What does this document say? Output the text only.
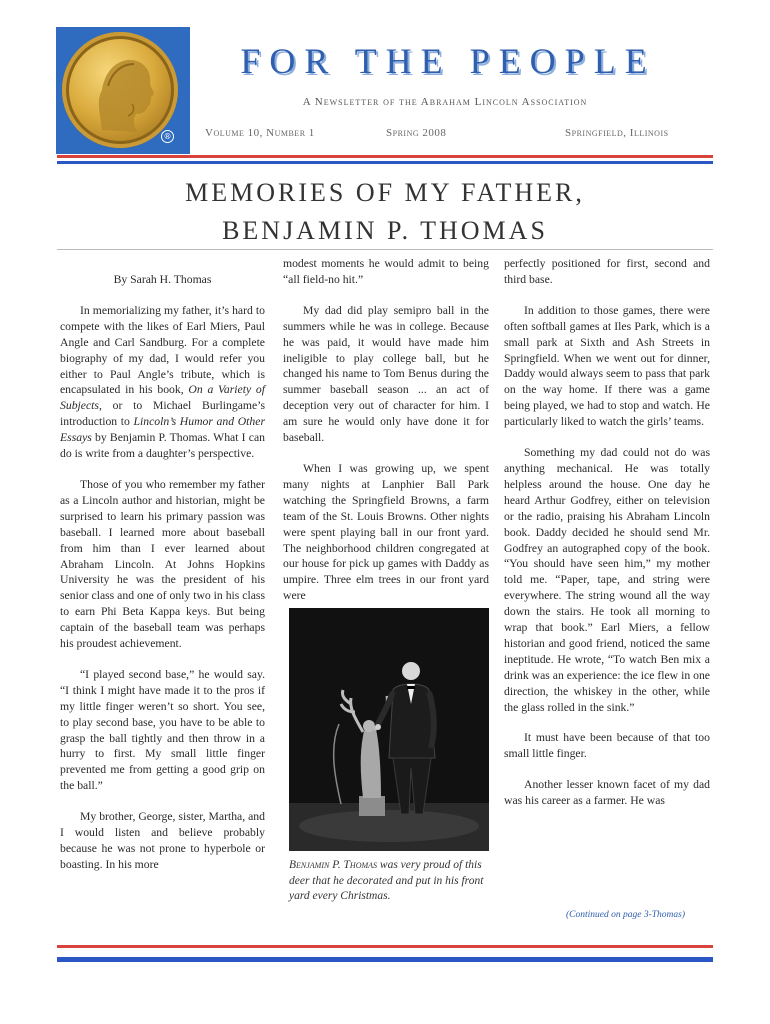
®
FOR THE PEOPLE
A Newsletter of the Abraham Lincoln Association
Volume 10, Number 1	Spring 2008	Springfield, Illinois
MEMORIES OF MY FATHER,
BENJAMIN P. THOMAS
By Sarah H. Thomas

In memorializing my father, it’s hard to compete with the likes of Earl Miers, Paul Angle and Carl Sandburg. For a complete biography of my dad, I would refer you either to Paul Angle’s tribute, which is encapsulated in his book, On a Variety of Subjects, or to Michael Burlingame’s introduction to Lincoln’s Humor and Other Essays by Benjamin P. Thomas. What I can do is write from a daughter’s perspective.

Those of you who remember my father as a Lincoln author and historian, might be surprised to learn his primary passion was baseball. I learned more about baseball from him than I ever learned about Abraham Lincoln. At Johns Hopkins University he was the president of his senior class and one of only two in his class to earn Phi Beta Kappa keys. But being captain of the baseball team was perhaps his proudest achievement.

“I played second base,” he would say. “I think I might have made it to the pros if my little finger weren’t so short. You see, to play second base, you have to be able to grasp the ball tightly and then throw in a hurry to first. My small little finger prevented me from getting a good grip on the ball.”

My brother, George, sister, Martha, and I would listen and believe probably because he was not prone to hyperbole or boasting. In his more

modest moments he would admit to being “all field-no hit.”

My dad did play semipro ball in the summers while he was in college. Because he was paid, it would have made him ineligible to play college ball, but he changed his name to Tom Benus during the summer baseball season ... an act of deception very out of character for him. I am sure he would only have done it for baseball.

When I was growing up, we spent many nights at Lanphier Ball Park watching the Springfield Browns, a farm team of the St. Louis Browns. Other nights were spent playing ball in our front yard. The neighborhood children congregated at our house for pick up games with Daddy as umpire. Three elm trees in our front yard were

Benjamin P. Thomas was very proud of this deer that he decorated and put in his front yard every Christmas.

perfectly positioned for first, second and third base.

In addition to those games, there were often softball games at Iles Park, which is a small park at Sixth and Ash Streets in Springfield. When we went out for dinner, Daddy would always seem to pass that park on the way home. If there was a game being played, we had to stop and watch. He particularly liked to watch the girls’ teams.

Something my dad could not do was anything mechanical. He was totally helpless around the house. One day he heard Arthur Godfrey, either on television or the radio, praising his Abraham Lincoln book. Daddy decided he should send Mr. Godfrey an autographed copy of the book. “You should have seen him,” my mother told me. “Paper, tape, and string were everywhere. The string wound all the way down the stairs. He took all morning to wrap that book.” Earl Miers, a fellow historian and good friend, noticed the same ineptitude. He wrote, “To watch Ben mix a drink was an experience: the ice flew in one direction, the whiskey in the other, while the glass rolled in the sink.”

It must have been because of that too small little finger.

Another lesser known facet of my dad was his career as a farmer. He was

(Continued on page 3-Thomas)
